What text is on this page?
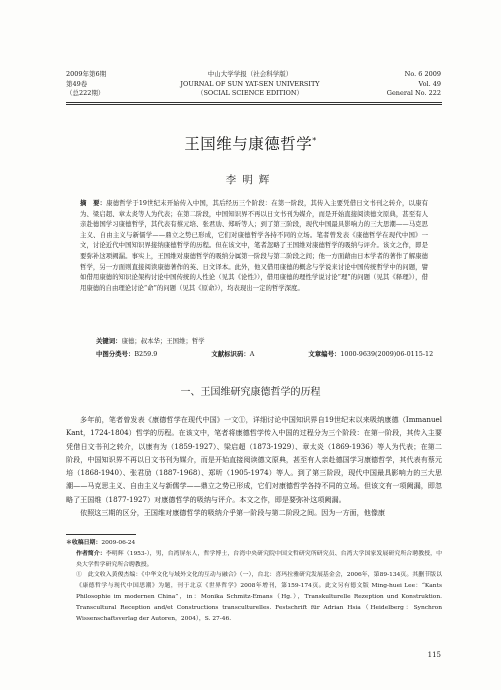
2009年第6期
第49卷
（总222期）
中山大学学报（社会科学版）
JOURNAL OF SUN YAT-SEN UNIVERSITY
（SOCIAL SCIENCE EDITION）
No. 6 2009
Vol. 49
General No. 222
王国维与康德哲学*
李明辉
摘　要：康德哲学于19世纪末开始传入中国，其后经历三个阶段：在第一阶段，其传入主要凭借日文书刊之转介，以康有为、梁启超、章太炎等人为代表；在第二阶段，中国知识界不再以日文书刊为媒介，而是开始直接阅读德文原典，甚至有人亲赴德国学习康德哲学，其代表有蔡元培、张君劢、郑昕等人；到了第三阶段，现代中国最具影响力的三大思潮——马克思主义、自由主义与新儒学——鼎立之势已形成，它们对康德哲学各持不同的立场。笔者曾发表《康德哲学在现代中国》一文，讨论近代中国知识界接纳康德哲学的历程。但在该文中，笔者忽略了王国维对康德哲学的吸纳与评介。该文之作，即是要弥补这项阙漏。事实上，王国维对康德哲学的吸纳分属第一阶段与第二阶段之间；他一方面藉由日本学者的著作了解康德哲学，另一方面则直接阅读康德著作的英、日文译本。此外，他又借用康德的概念与学说来讨论中国传统哲学中的问题，譬如借用康德的知识论架构讨论中国传统的人性论（见其《论性》），借用康德的理性学说讨论“理”的问题（见其《释理》），借用康德的自由理论讨论“命”的问题（见其《原命》），均表现出一定的哲学深度。
关键词：康德；叔本华；王国维；哲学
中图分类号：B259.9	文献标识码：A	文章编号：1000-9639(2009)06-0115-12
一、王国维研究康德哲学的历程
多年前，笔者曾发表《康德哲学在现代中国》一文①，详细讨论中国知识界自19世纪末以来吸纳康德（Immanuel Kant，1724-1804）哲学的历程。在该文中，笔者将康德哲学传入中国的过程分为三个阶段：在第一阶段，其传入主要凭借日文书刊之转介，以康有为（1859-1927）、梁启超（1873-1929）、章太炎（1869-1936）等人为代表；在第二阶段，中国知识界不再以日文书刊为媒介，而是开始直接阅读德文原典，甚至有人亲赴德国学习康德哲学，其代表有蔡元培（1868-1940）、张君劢（1887-1968）、郑昕（1905-1974）等人。到了第三阶段，现代中国最具影响力的三大思潮——马克思主义、自由主义与新儒学——鼎立之势已形成，它们对康德哲学各持不同的立场。但该文有一项阙漏，即忽略了王国维（1877-1927）对康德哲学的吸纳与评介。本文之作，即是要弥补这项阙漏。
依照这三期的区分，王国维对康德哲学的吸纳介乎第一阶段与第二阶段之间。因为一方面，他像康

＊收稿日期：2009-06-24

作者简介：李明辉（1953-），男，台湾屏东人，哲学博士，台湾中央研究院中国文哲研究所研究员、台湾大学国家发展研究所合聘教授，中央大学哲学研究所合聘教授。

①　此文收入黄俊杰编：《中华文化与域外文化的互动与融合》（一），台北：喜玛拉雅研究发展基金会，2006年，第89-134页。其删节版以《康德哲学与现代中国思潮》为题，刊于北京《世界哲学》2008年增刊，第159-174页。此文另有德文版 Ming-huei Lee：“Kants Philosophie im modernen China”，in：Monika Schmitz-Emans（Hg.），Transkulturelle Rezeption und Konstruktion. Transcultural Reception and/et Constructions transculturelles. Festschrift für Adrian Hsia（Heidelberg：Synchron Wissenschaftsverlag der Autoren，2004），S. 27-46.

115
